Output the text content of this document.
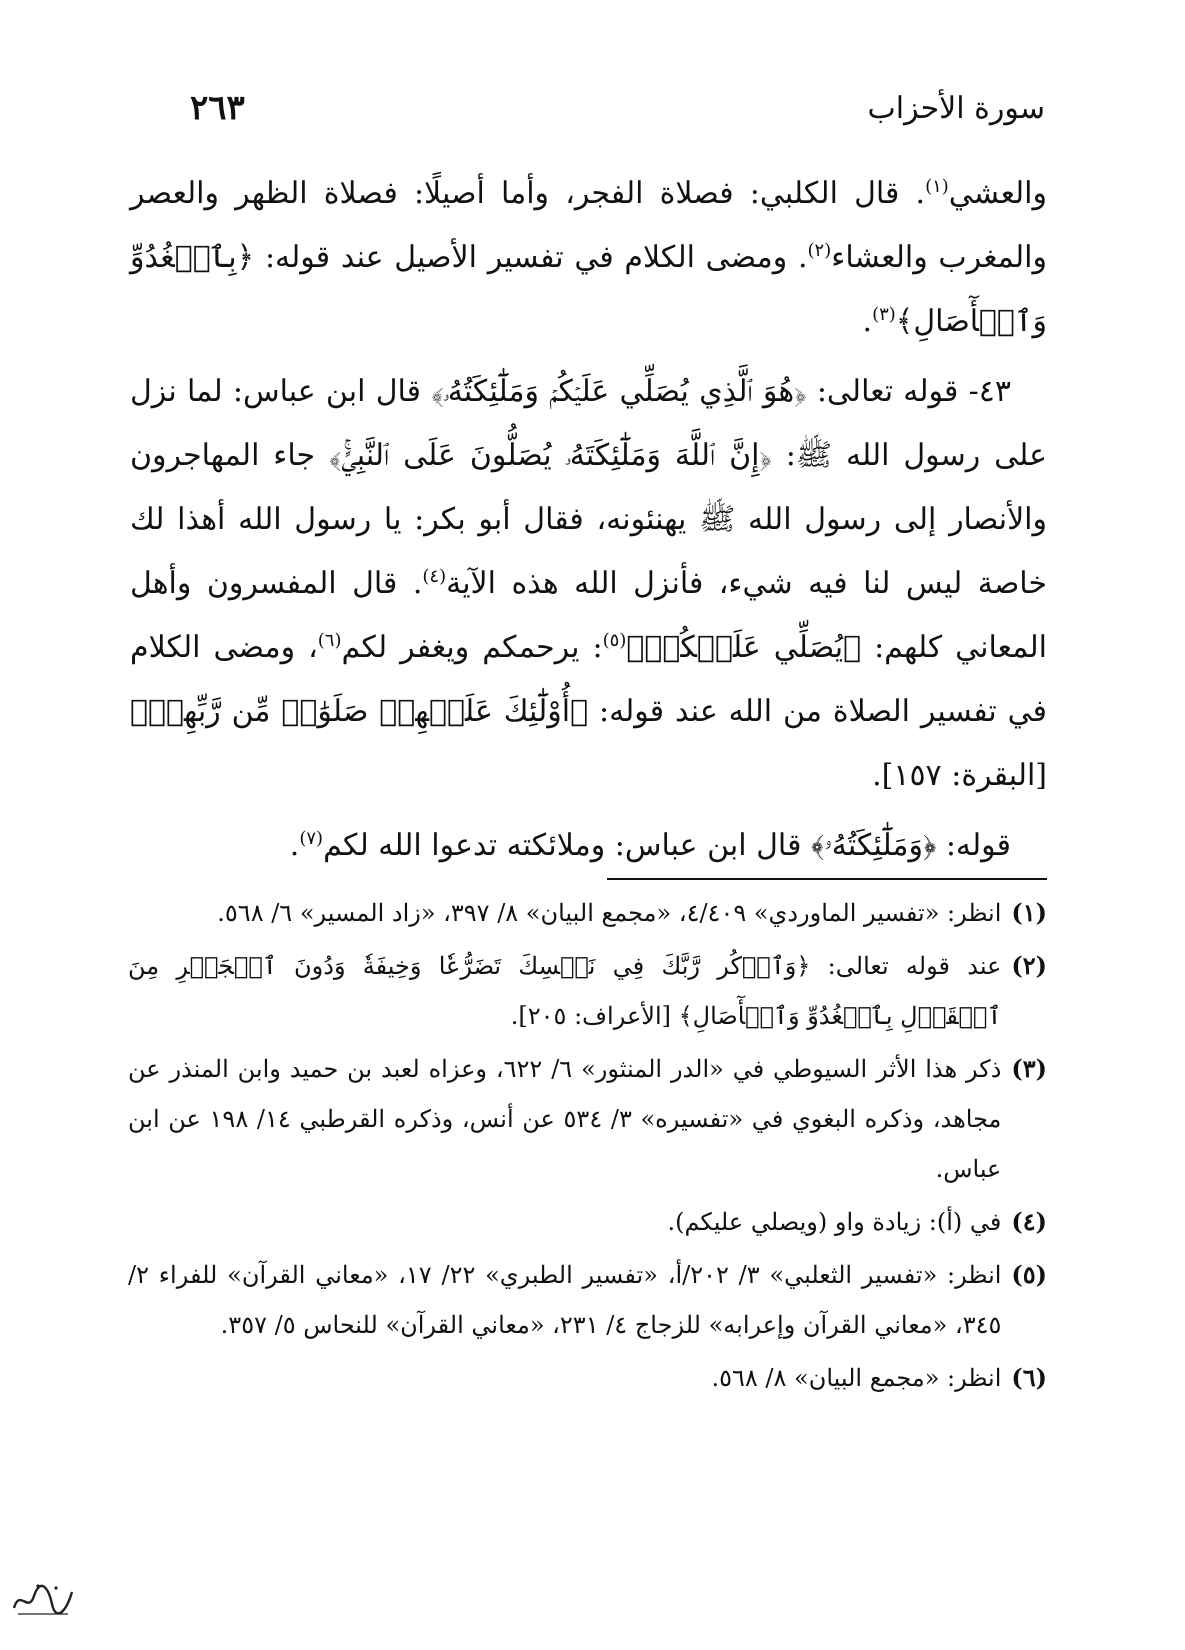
سورة الأحزاب
٢٦٣

والعشي$^{(١)}$. قال الكلبي: فصلاة الفجر، وأما أصيلًا: فصلاة الظهر والعصر والمغرب والعشاء$^{(٢)}$. ومضى الكلام في تفسير الأصيل عند قوله: ﴿بِٱلۡغُدُوِّ وَٱلۡأٓصَالِ﴾$^{(٣)}$.

٤٣- قوله تعالى: ﴿هُوَ ٱلَّذِي يُصَلِّي عَلَيۡكُمۡ وَمَلَٰٓئِكَتُهُۥ﴾ قال ابن عباس: لما نزل على رسول الله ﷺ: ﴿إِنَّ ٱللَّهَ وَمَلَٰٓئِكَتَهُۥ يُصَلُّونَ عَلَى ٱلنَّبِيِّۚ﴾ جاء المهاجرون والأنصار إلى رسول الله ﷺ يهنئونه، فقال أبو بكر: يا رسول الله أهذا لك خاصة ليس لنا فيه شيء، فأنزل الله هذه الآية$^{(٤)}$. قال المفسرون وأهل المعاني كلهم: ﴿يُصَلِّي عَلَيۡكُمۡ﴾$^{(٥)}$: يرحمكم ويغفر لكم$^{(٦)}$، ومضى الكلام في تفسير الصلاة من الله عند قوله: ﴿أُوْلَٰٓئِكَ عَلَيۡهِمۡ صَلَوَٰتٞ مِّن رَّبِّهِمۡ﴾ [البقرة: ١٥٧].

قوله: ﴿وَمَلَٰٓئِكَتُهُۥ﴾ قال ابن عباس: وملائكته تدعوا الله لكم$^{(٧)}$.

(١)
انظر: «تفسير الماوردي» ٤/٤٠٩، «مجمع البيان» ٨/ ٣٩٧، «زاد المسير» ٦/ ٥٦٨.
(٢)
عند قوله تعالى: ﴿وَٱذۡكُر رَّبَّكَ فِي نَفۡسِكَ تَضَرُّعٗا وَخِيفَةٗ وَدُونَ ٱلۡجَهۡرِ مِنَ ٱلۡقَوۡلِ بِٱلۡغُدُوِّ وَٱلۡأٓصَالِ﴾ [الأعراف: ٢٠٥].
(٣)
ذكر هذا الأثر السيوطي في «الدر المنثور» ٦/ ٦٢٢، وعزاه لعبد بن حميد وابن المنذر عن مجاهد، وذكره البغوي في «تفسيره» ٣/ ٥٣٤ عن أنس، وذكره القرطبي ١٤/ ١٩٨ عن ابن عباس.
(٤)
في (أ): زيادة واو (ويصلي عليكم).
(٥)
انظر: «تفسير الثعلبي» ٣/ ٢٠٢/أ، «تفسير الطبري» ٢٢/ ١٧، «معاني القرآن» للفراء ٢/ ٣٤٥، «معاني القرآن وإعرابه» للزجاج ٤/ ٢٣١، «معاني القرآن» للنحاس ٥/ ٣٥٧.
(٦)
انظر: «مجمع البيان» ٨/ ٥٦٨.
